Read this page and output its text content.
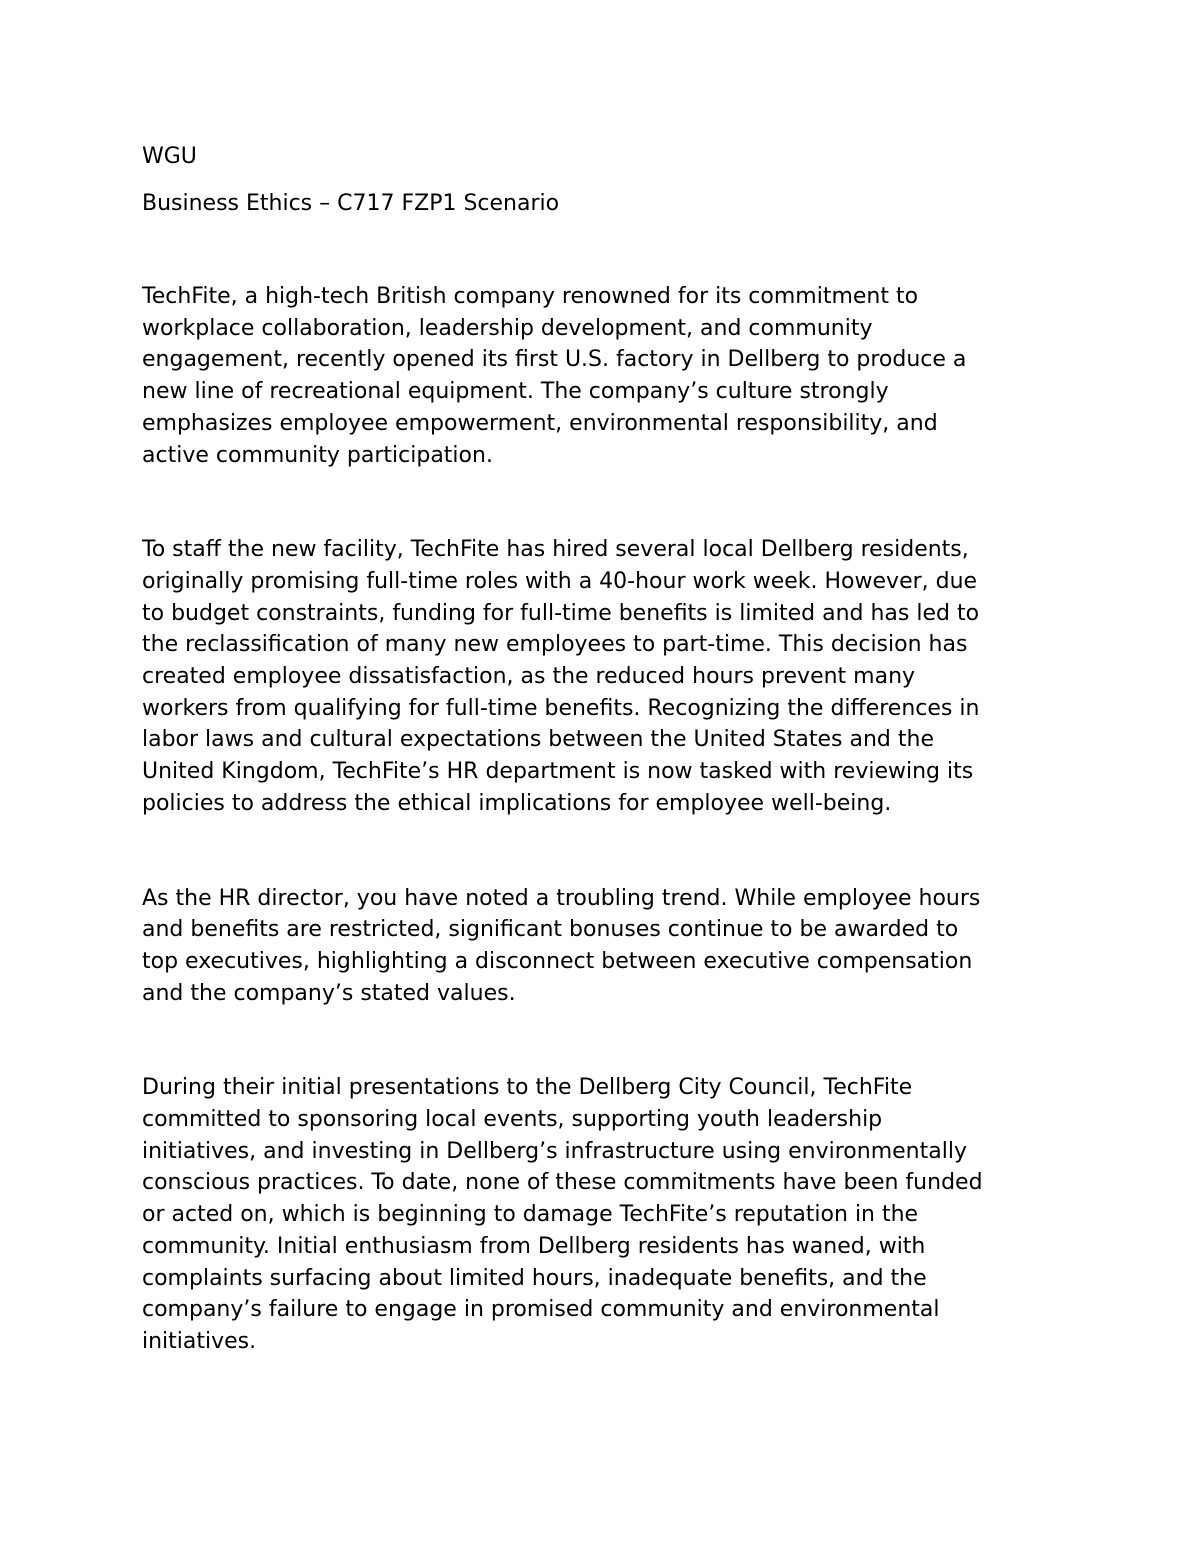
WGU

Business Ethics – C717 FZP1 Scenario

TechFite, a high-tech British company renowned for its commitment to
workplace collaboration, leadership development, and community
engagement, recently opened its first U.S. factory in Dellberg to produce a
new line of recreational equipment. The company’s culture strongly
emphasizes employee empowerment, environmental responsibility, and
active community participation.

To staff the new facility, TechFite has hired several local Dellberg residents,
originally promising full-time roles with a 40-hour work week. However, due
to budget constraints, funding for full-time benefits is limited and has led to
the reclassification of many new employees to part-time. This decision has
created employee dissatisfaction, as the reduced hours prevent many
workers from qualifying for full-time benefits. Recognizing the differences in
labor laws and cultural expectations between the United States and the
United Kingdom, TechFite’s HR department is now tasked with reviewing its
policies to address the ethical implications for employee well-being.

As the HR director, you have noted a troubling trend. While employee hours
and benefits are restricted, significant bonuses continue to be awarded to
top executives, highlighting a disconnect between executive compensation
and the company’s stated values.

During their initial presentations to the Dellberg City Council, TechFite
committed to sponsoring local events, supporting youth leadership
initiatives, and investing in Dellberg’s infrastructure using environmentally
conscious practices. To date, none of these commitments have been funded
or acted on, which is beginning to damage TechFite’s reputation in the
community. Initial enthusiasm from Dellberg residents has waned, with
complaints surfacing about limited hours, inadequate benefits, and the
company’s failure to engage in promised community and environmental
initiatives.
